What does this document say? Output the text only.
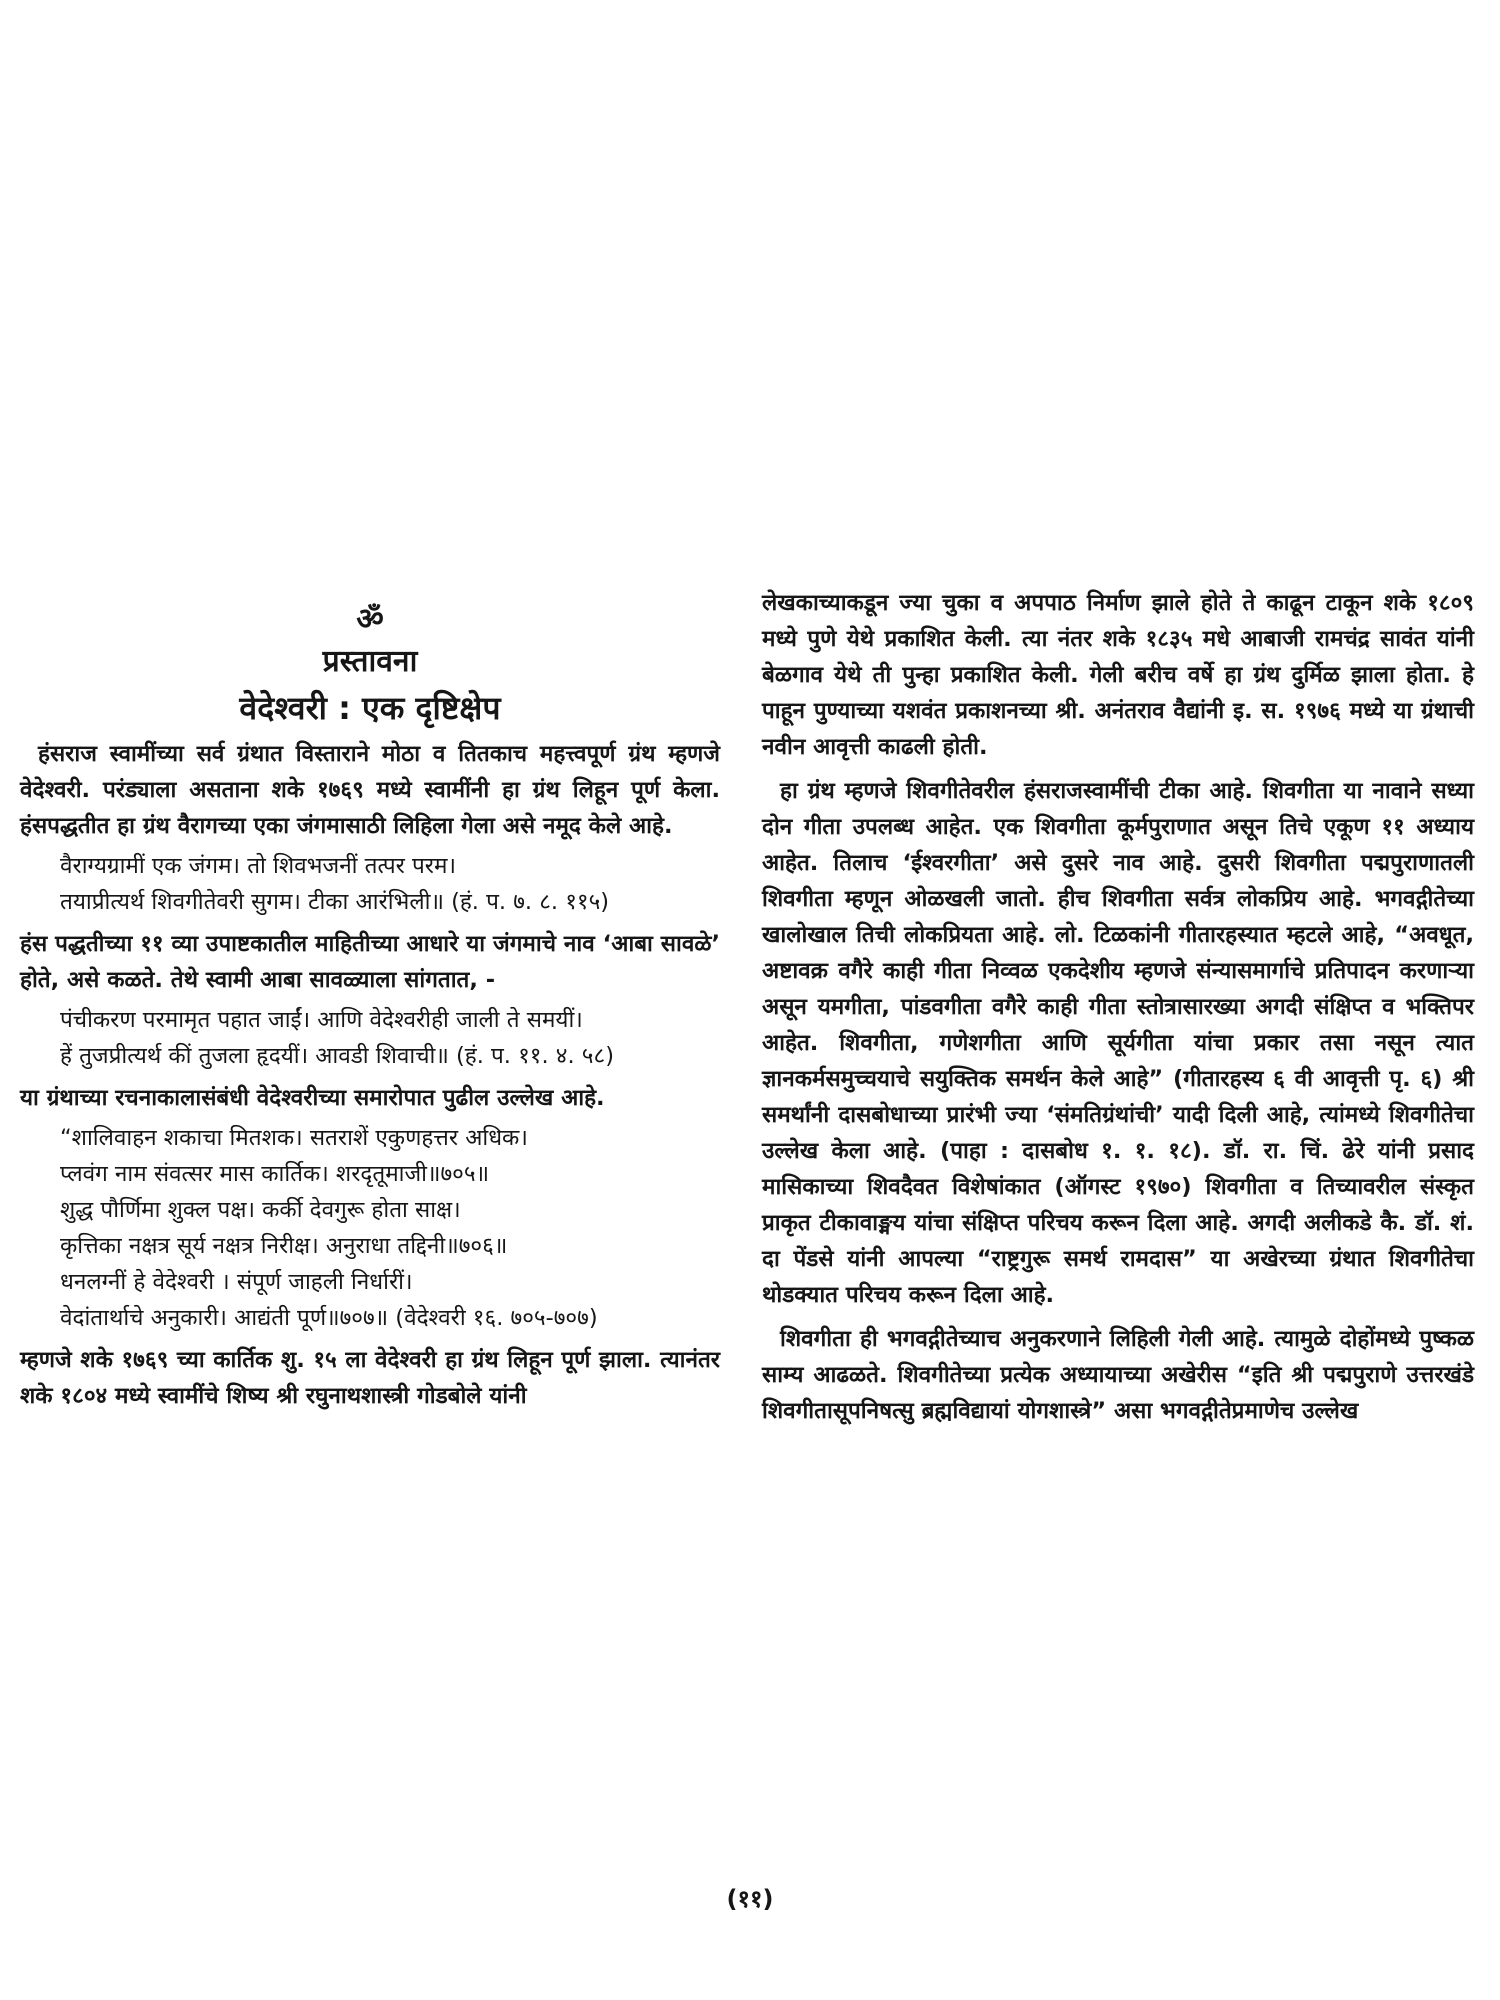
ॐ
प्रस्तावना
वेदेश्वरी : एक दृष्टिक्षेप

हंसराज स्वामींच्या सर्व ग्रंथात विस्ताराने मोठा व तितकाच महत्त्वपूर्ण ग्रंथ म्हणजे वेदेश्वरी. परंड्याला असताना शके १७६९ मध्ये स्वामींनी हा ग्रंथ लिहून पूर्ण केला. हंसपद्धतीत हा ग्रंथ वैरागच्या एका जंगमासाठी लिहिला गेला असे नमूद केले आहे.

वैराग्यग्रामीं एक जंगम। तो शिवभजनीं तत्पर परम।
तयाप्रीत्यर्थ शिवगीतेवरी सुगम। टीका आरंभिली॥ (हं. प. ७. ८. ११५)

हंस पद्धतीच्या ११ व्या उपाष्टकातील माहितीच्या आधारे या जंगमाचे नाव ‘आबा सावळे’ होते, असे कळते. तेथे स्वामी आबा सावळ्याला सांगतात, -

पंचीकरण परमामृत पहात जाईं। आणि वेदेश्वरीही जाली ते समयीं।
हें तुजप्रीत्यर्थ कीं तुजला हृदयीं। आवडी शिवाची॥ (हं. प. ११. ४. ५८)

या ग्रंथाच्या रचनाकालासंबंधी वेदेश्वरीच्या समारोपात पुढील उल्लेख आहे.

“शालिवाहन शकाचा मितशक। सतराशें एकुणहत्तर अधिक।
प्लवंग नाम संवत्सर मास कार्तिक। शरदृतूमाजी॥७०५॥
शुद्ध पौर्णिमा शुक्ल पक्ष। कर्की देवगुरू होता साक्ष।
कृत्तिका नक्षत्र सूर्य नक्षत्र निरीक्ष। अनुराधा तद्दिनी॥७०६॥
धनलग्नीं हे वेदेश्वरी । संपूर्ण जाहली निर्धारीं।
वेदांतार्थाचे अनुकारी। आद्यंती पूर्ण॥७०७॥ (वेदेश्वरी १६. ७०५-७०७)

म्हणजे शके १७६९ च्या कार्तिक शु. १५ ला वेदेश्वरी हा ग्रंथ लिहून पूर्ण झाला. त्यानंतर शके १८०४ मध्ये स्वामींचे शिष्य श्री रघुनाथशास्त्री गोडबोले यांनी

लेखकाच्याकडून ज्या चुका व अपपाठ निर्माण झाले होते ते काढून टाकून शके १८०९ मध्ये पुणे येथे प्रकाशित केली. त्या नंतर शके १८३५ मधे आबाजी रामचंद्र सावंत यांनी बेळगाव येथे ती पुन्हा प्रकाशित केली. गेली बरीच वर्षे हा ग्रंथ दुर्मिळ झाला होता. हे पाहून पुण्याच्या यशवंत प्रकाशनच्या श्री. अनंतराव वैद्यांनी इ. स. १९७६ मध्ये या ग्रंथाची नवीन आवृत्ती काढली होती.

हा ग्रंथ म्हणजे शिवगीतेवरील हंसराजस्वामींची टीका आहे. शिवगीता या नावाने सध्या दोन गीता उपलब्ध आहेत. एक शिवगीता कूर्मपुराणात असून तिचे एकूण ११ अध्याय आहेत. तिलाच ‘ईश्वरगीता’ असे दुसरे नाव आहे. दुसरी शिवगीता पद्मपुराणातली शिवगीता म्हणून ओळखली जातो. हीच शिवगीता सर्वत्र लोकप्रिय आहे. भगवद्गीतेच्या खालोखाल तिची लोकप्रियता आहे. लो. टिळकांनी गीतारहस्यात म्हटले आहे, “अवधूत, अष्टावक्र वगैरे काही गीता निव्वळ एकदेशीय म्हणजे संन्यासमार्गाचे प्रतिपादन करणाऱ्या असून यमगीता, पांडवगीता वगैरे काही गीता स्तोत्रासारख्या अगदी संक्षिप्त व भक्तिपर आहेत. शिवगीता, गणेशगीता आणि सूर्यगीता यांचा प्रकार तसा नसून त्यात ज्ञानकर्मसमुच्चयाचे सयुक्तिक समर्थन केले आहे” (गीतारहस्य ६ वी आवृत्ती पृ. ६) श्री समर्थांनी दासबोधाच्या प्रारंभी ज्या ‘संमतिग्रंथांची’ यादी दिली आहे, त्यांमध्ये शिवगीतेचा उल्लेख केला आहे. (पाहा : दासबोध १. १. १८). डॉ. रा. चिं. ढेरे यांनी प्रसाद मासिकाच्या शिवदैवत विशेषांकात (ऑगस्ट १९७०) शिवगीता व तिच्यावरील संस्कृत प्राकृत टीकावाङ्मय यांचा संक्षिप्त परिचय करून दिला आहे. अगदी अलीकडे कै. डॉ. शं. दा पेंडसे यांनी आपल्या “राष्ट्रगुरू समर्थ रामदास” या अखेरच्या ग्रंथात शिवगीतेचा थोडक्यात परिचय करून दिला आहे.

शिवगीता ही भगवद्गीतेच्याच अनुकरणाने लिहिली गेली आहे. त्यामुळे दोहोंमध्ये पुष्कळ साम्य आढळते. शिवगीतेच्या प्रत्येक अध्यायाच्या अखेरीस “इति श्री पद्मपुराणे उत्तरखंडे शिवगीतासूपनिषत्सु ब्रह्मविद्यायां योगशास्त्रे” असा भगवद्गीतेप्रमाणेच उल्लेख

(११)
